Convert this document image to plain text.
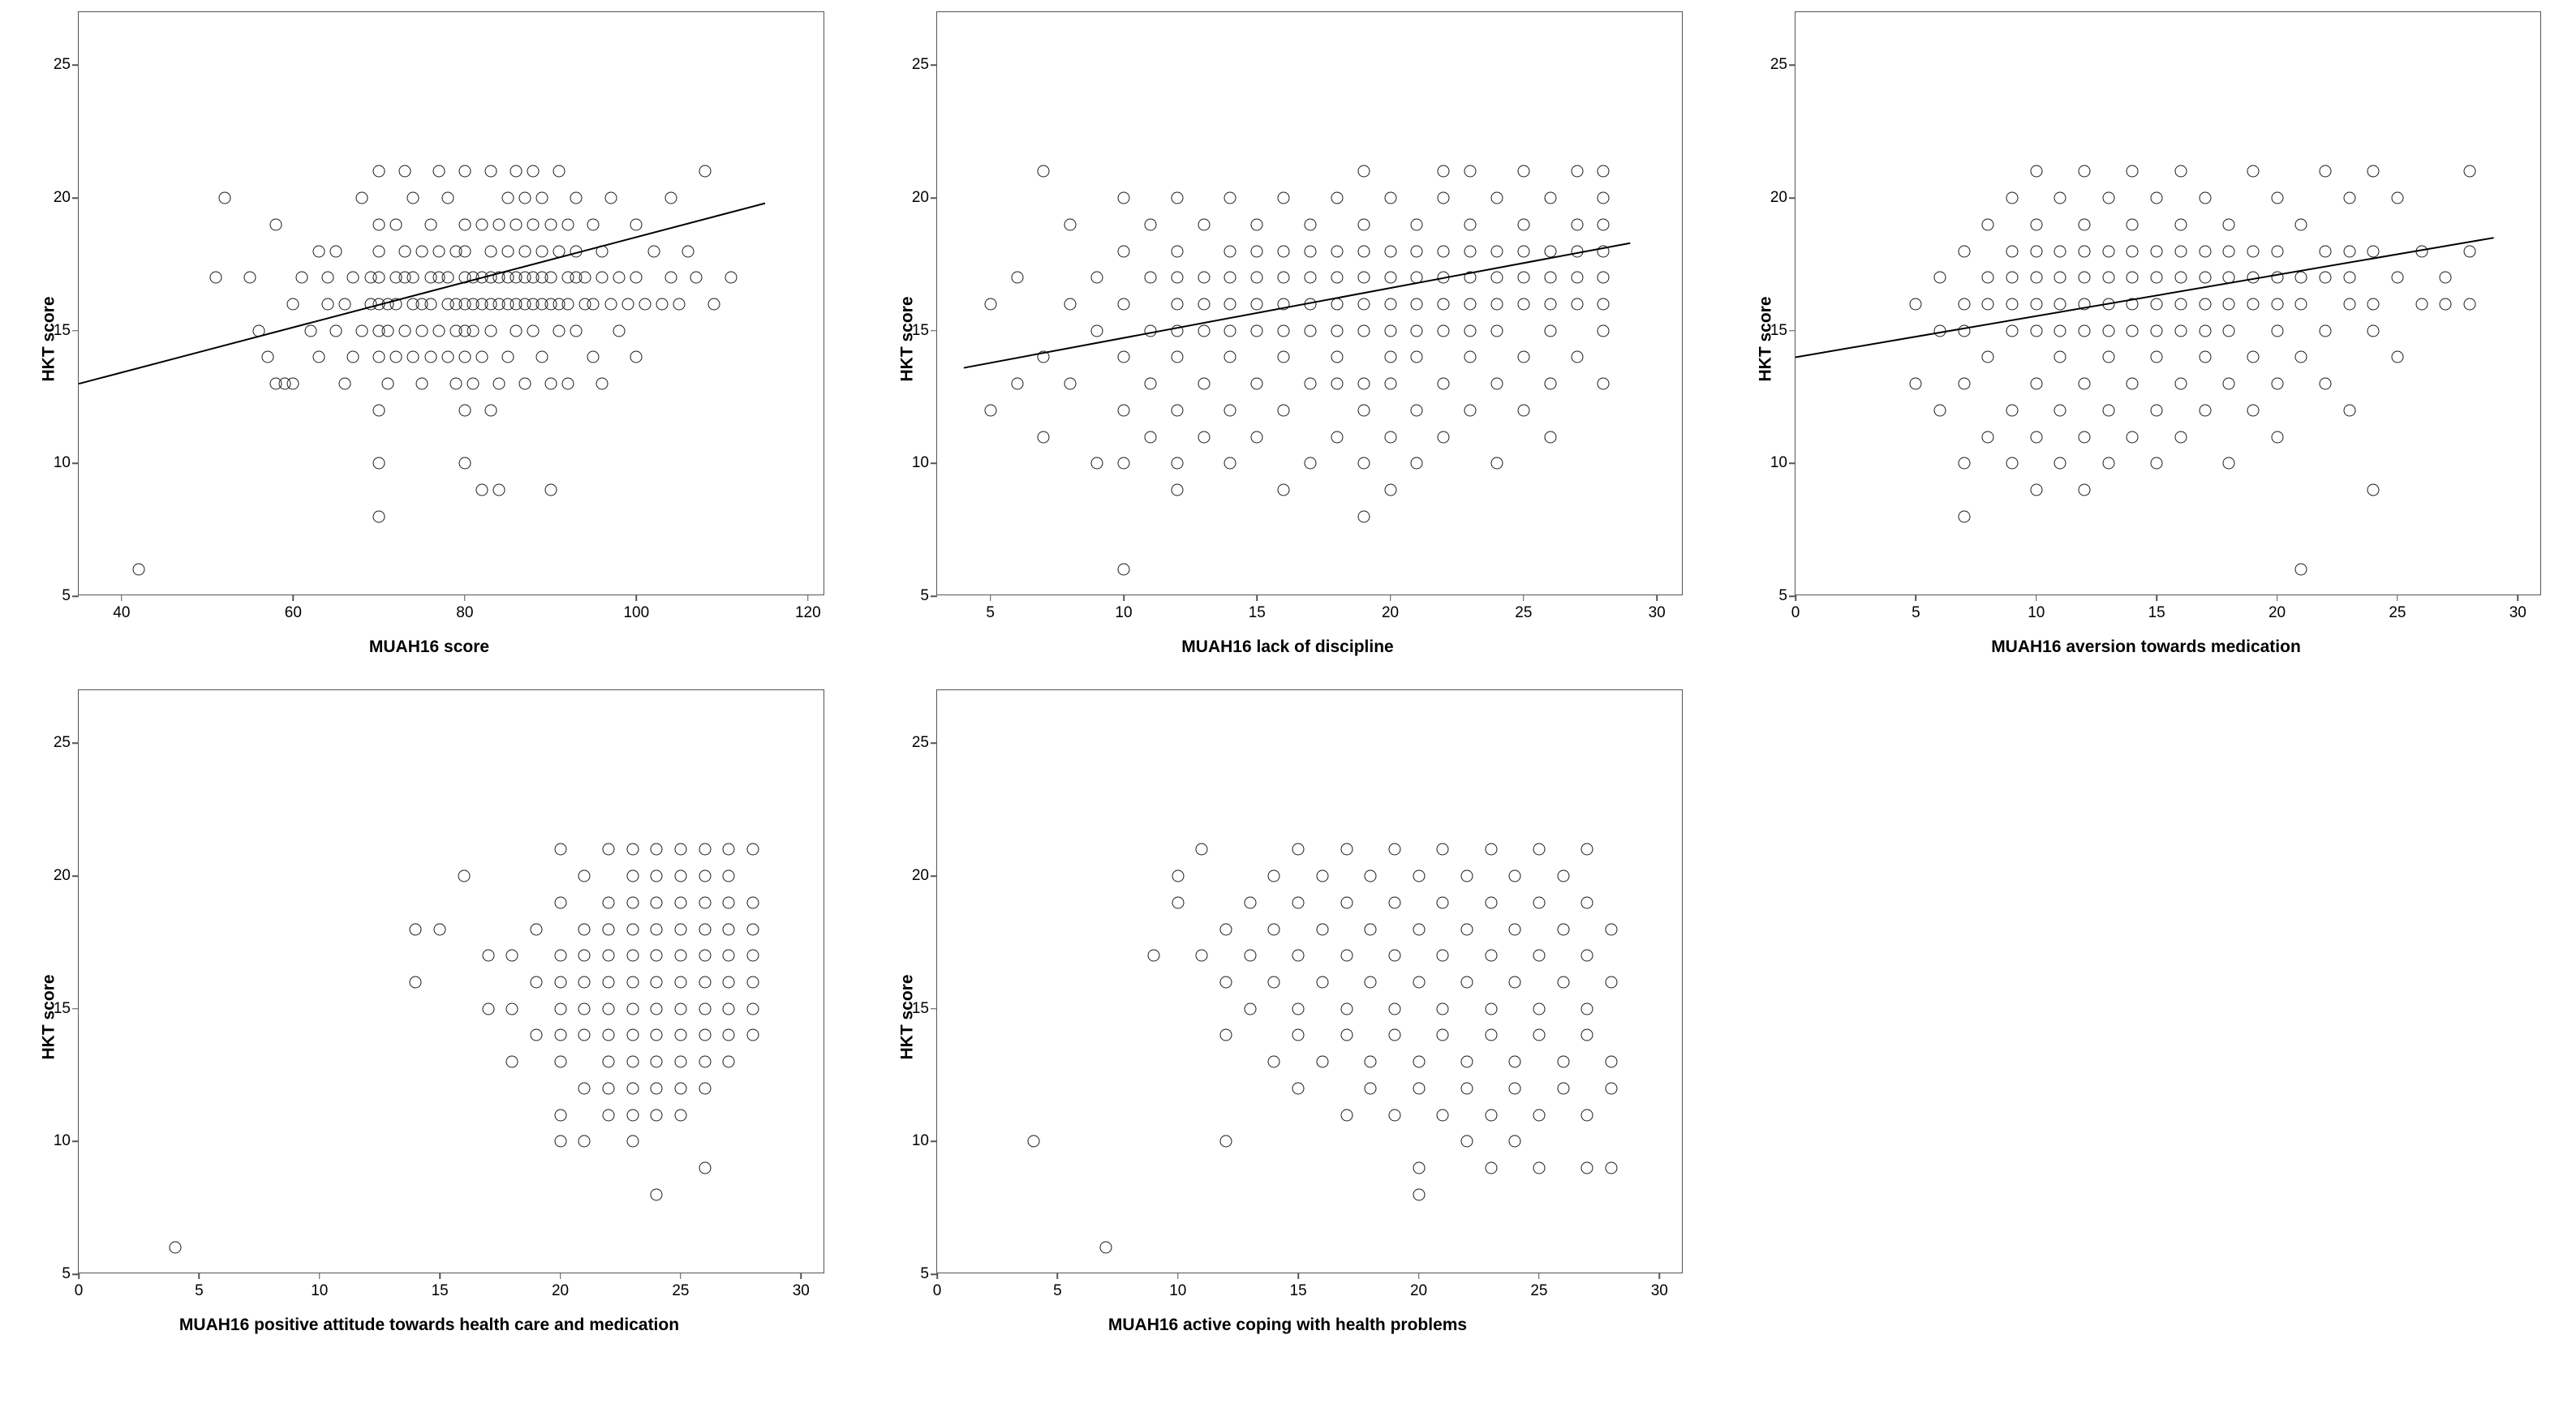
HKT score
MUAH16 score
5
10
15
20
25
40	60	80	100	120
HKT score
MUAH16 lack of discipline
5
10
15
20
25
5	10	15	20	25	30
HKT score
MUAH16 aversion towards medication
5
10
15
20
25
0	5	10	15	20	25	30
HKT score
MUAH16 positive attitude towards health care and medication
5
10
15
20
25
0	5	10	15	20	25	30
HKT score
MUAH16 active coping with health problems
5
10
15
20
25
0	5	10	15	20	25	30
